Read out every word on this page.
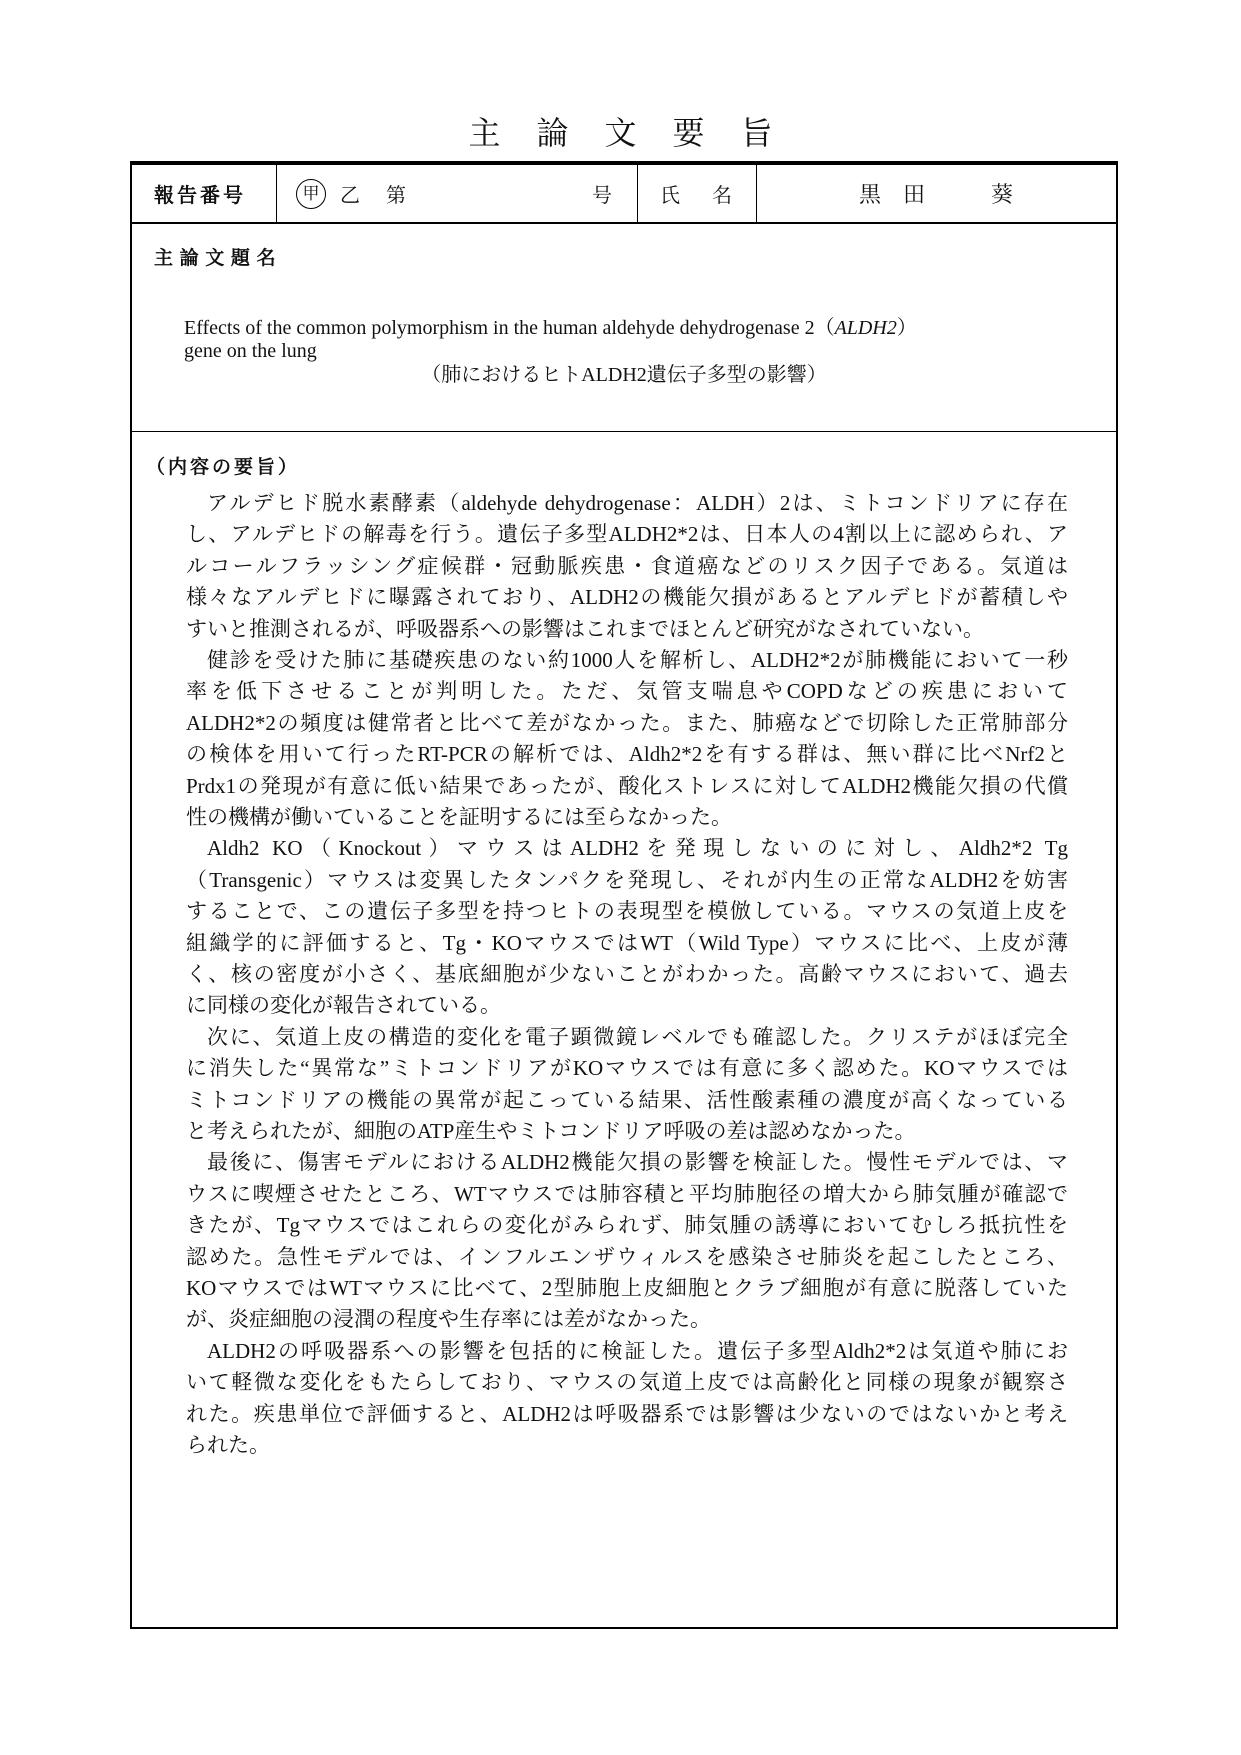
主論文要旨
報告番号	甲	乙 第	号 氏　名	黒　田　　　葵
主 論 文 題 名
Effects of the common polymorphism in the human aldehyde dehydrogenase 2（ALDH2）
gene on the lung
（肺におけるヒトALDH2遺伝子多型の影響）
（内容の要旨）
アルデヒド脱水素酵素（aldehyde dehydrogenase：ALDH）2は、ミトコンドリアに存在
し、アルデヒドの解毒を行う。遺伝子多型ALDH2*2は、日本人の4割以上に認められ、ア
ルコールフラッシング症候群・冠動脈疾患・食道癌などのリスク因子である。気道は
様々なアルデヒドに曝露されており、ALDH2の機能欠損があるとアルデヒドが蓄積しや
すいと推測されるが、呼吸器系への影響はこれまでほとんど研究がなされていない。
健診を受けた肺に基礎疾患のない約1000人を解析し、ALDH2*2が肺機能において一秒
率を低下させることが判明した。ただ、気管支喘息やCOPDなどの疾患において
ALDH2*2の頻度は健常者と比べて差がなかった。また、肺癌などで切除した正常肺部分
の検体を用いて行ったRT-PCRの解析では、Aldh2*2を有する群は、無い群に比べNrf2と
Prdx1の発現が有意に低い結果であったが、酸化ストレスに対してALDH2機能欠損の代償
性の機構が働いていることを証明するには至らなかった。
Aldh2 KO（Knockout）マウスはALDH2を発現しないのに対し、Aldh2*2 Tg
（Transgenic）マウスは変異したタンパクを発現し、それが内生の正常なALDH2を妨害
することで、この遺伝子多型を持つヒトの表現型を模倣している。マウスの気道上皮を
組織学的に評価すると、Tg・KOマウスではWT（Wild Type）マウスに比べ、上皮が薄
く、核の密度が小さく、基底細胞が少ないことがわかった。高齢マウスにおいて、過去
に同様の変化が報告されている。
次に、気道上皮の構造的変化を電子顕微鏡レベルでも確認した。クリステがほぼ完全
に消失した“異常な”ミトコンドリアがKOマウスでは有意に多く認めた。KOマウスでは
ミトコンドリアの機能の異常が起こっている結果、活性酸素種の濃度が高くなっている
と考えられたが、細胞のATP産生やミトコンドリア呼吸の差は認めなかった。
最後に、傷害モデルにおけるALDH2機能欠損の影響を検証した。慢性モデルでは、マ
ウスに喫煙させたところ、WTマウスでは肺容積と平均肺胞径の増大から肺気腫が確認で
きたが、Tgマウスではこれらの変化がみられず、肺気腫の誘導においてむしろ抵抗性を
認めた。急性モデルでは、インフルエンザウィルスを感染させ肺炎を起こしたところ、
KOマウスではWTマウスに比べて、2型肺胞上皮細胞とクラブ細胞が有意に脱落していた
が、炎症細胞の浸潤の程度や生存率には差がなかった。
ALDH2の呼吸器系への影響を包括的に検証した。遺伝子多型Aldh2*2は気道や肺にお
いて軽微な変化をもたらしており、マウスの気道上皮では高齢化と同様の現象が観察さ
れた。疾患単位で評価すると、ALDH2は呼吸器系では影響は少ないのではないかと考え
られた。
